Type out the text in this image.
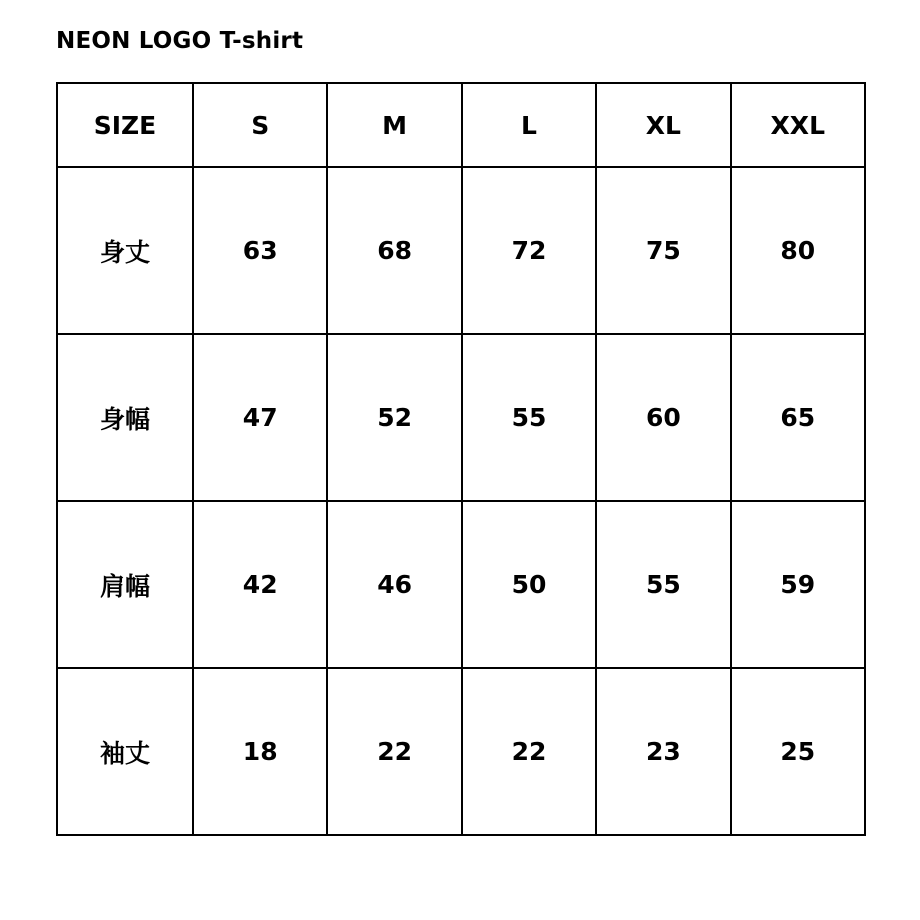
NEON LOGO T-shirt
SIZE	S	M	L	XL	XXL
身丈	63	68	72	75	80
身幅	47	52	55	60	65
肩幅	42	46	50	55	59
袖丈	18	22	22	23	25
